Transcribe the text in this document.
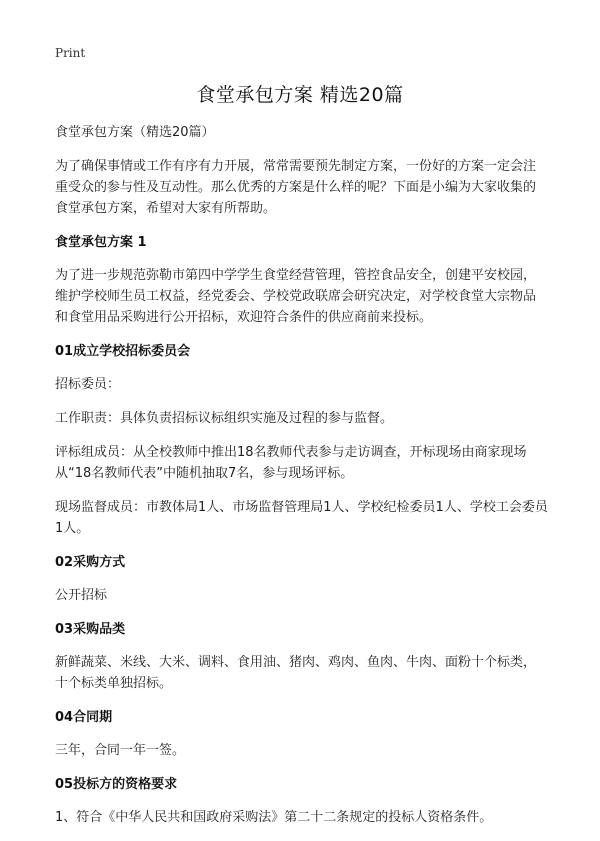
Print
食堂承包方案 精选20篇

食堂承包方案（精选20篇）

为了确保事情或工作有序有力开展，常常需要预先制定方案，一份好的方案一定会注重受众的参与性及互动性。那么优秀的方案是什么样的呢？下面是小编为大家收集的食堂承包方案，希望对大家有所帮助。

食堂承包方案 1

为了进一步规范弥勒市第四中学学生食堂经营管理，管控食品安全，创建平安校园，维护学校师生员工权益，经党委会、学校党政联席会研究决定，对学校食堂大宗物品和食堂用品采购进行公开招标，欢迎符合条件的供应商前来投标。

01成立学校招标委员会

招标委员：

工作职责：具体负责招标议标组织实施及过程的参与监督。

评标组成员：从全校教师中推出18名教师代表参与走访调查，开标现场由商家现场从“18名教师代表”中随机抽取7名，参与现场评标。

现场监督成员：市教体局1人、市场监督管理局1人、学校纪检委员1人、学校工会委员1人。

02采购方式

公开招标

03采购品类

新鲜蔬菜、米线、大米、调料、食用油、猪肉、鸡肉、鱼肉、牛肉、面粉十个标类，十个标类单独招标。

04合同期

三年，合同一年一签。

05投标方的资格要求

1、符合《中华人民共和国政府采购法》第二十二条规定的投标人资格条件。
